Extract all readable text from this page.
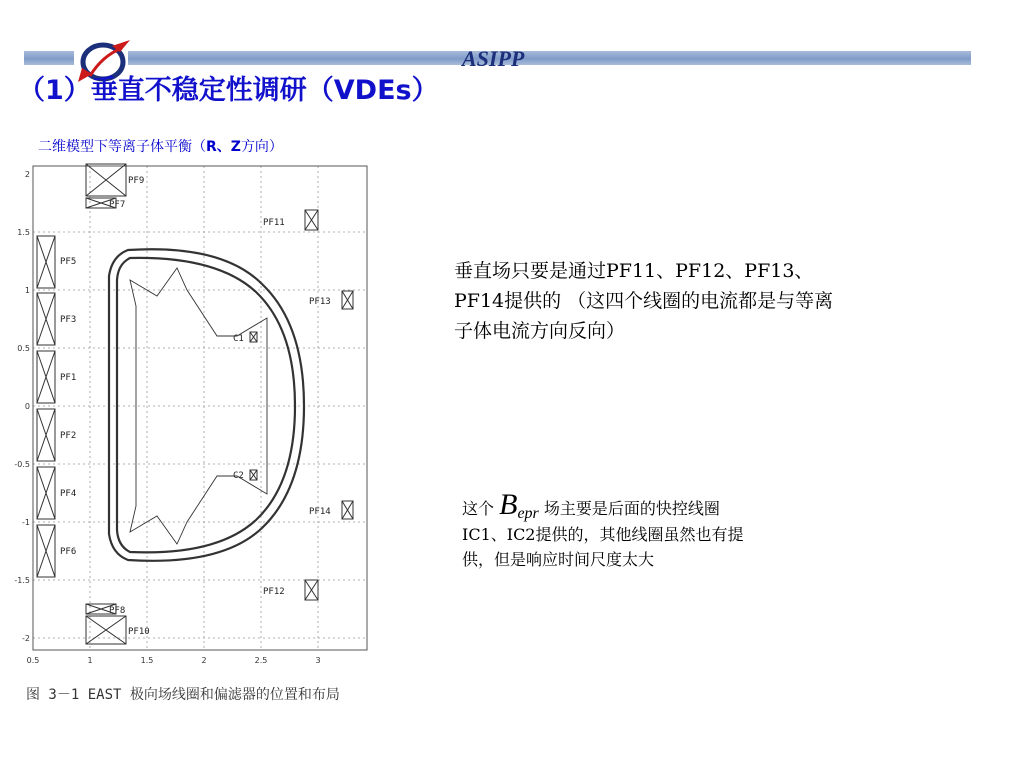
ASIPP
（1）垂直不稳定性调研（VDEs）
二维模型下等离子体平衡（R、Z方向）
2
1.5
1
0.5
0
-0.5
-1
-1.5
-2
0.5	1	1.5	2	2.5	3
PF9
PF7
PF11
PF5
PF13
PF3
C1
PF1
PF2
C2
PF4
PF14
PF6
PF12
PF8
PF10
图 3－1 EAST 极向场线圈和偏滤器的位置和布局
垂直场只要是通过PF11、PF12、PF13、 PF14提供的 （这四个线圈的电流都是与等离子体电流方向反向）
这个 Bepr 场主要是后面的快控线圈IC1、IC2提供的，其他线圈虽然也有提供，但是响应时间尺度太大
